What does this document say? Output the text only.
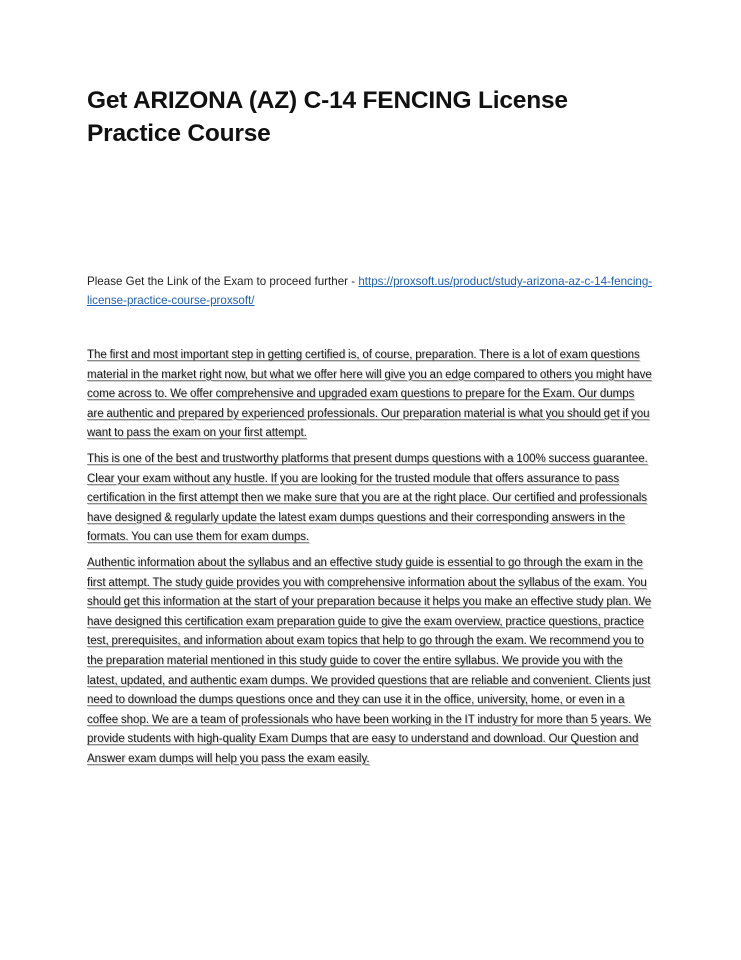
Get ARIZONA (AZ) C-14 FENCING License Practice Course

Please Get the Link of the Exam to proceed further - https://proxsoft.us/product/study-arizona-az-c-14-fencing-license-practice-course-proxsoft/

The first and most important step in getting certified is, of course, preparation. There is a lot of exam questions material in the market right now, but what we offer here will give you an edge compared to others you might have come across to. We offer comprehensive and upgraded exam questions to prepare for the Exam. Our dumps are authentic and prepared by experienced professionals. Our preparation material is what you should get if you want to pass the exam on your first attempt.

This is one of the best and trustworthy platforms that present dumps questions with a 100% success guarantee. Clear your exam without any hustle. If you are looking for the trusted module that offers assurance to pass certification in the first attempt then we make sure that you are at the right place. Our certified and professionals have designed & regularly update the latest exam dumps questions and their corresponding answers in the formats. You can use them for exam dumps.

Authentic information about the syllabus and an effective study guide is essential to go through the exam in the first attempt. The study guide provides you with comprehensive information about the syllabus of the exam. You should get this information at the start of your preparation because it helps you make an effective study plan. We have designed this certification exam preparation guide to give the exam overview, practice questions, practice test, prerequisites, and information about exam topics that help to go through the exam. We recommend you to the preparation material mentioned in this study guide to cover the entire syllabus. We provide you with the latest, updated, and authentic exam dumps. We provided questions that are reliable and convenient. Clients just need to download the dumps questions once and they can use it in the office, university, home, or even in a coffee shop. We are a team of professionals who have been working in the IT industry for more than 5 years. We provide students with high-quality Exam Dumps that are easy to understand and download. Our Question and Answer exam dumps will help you pass the exam easily.
